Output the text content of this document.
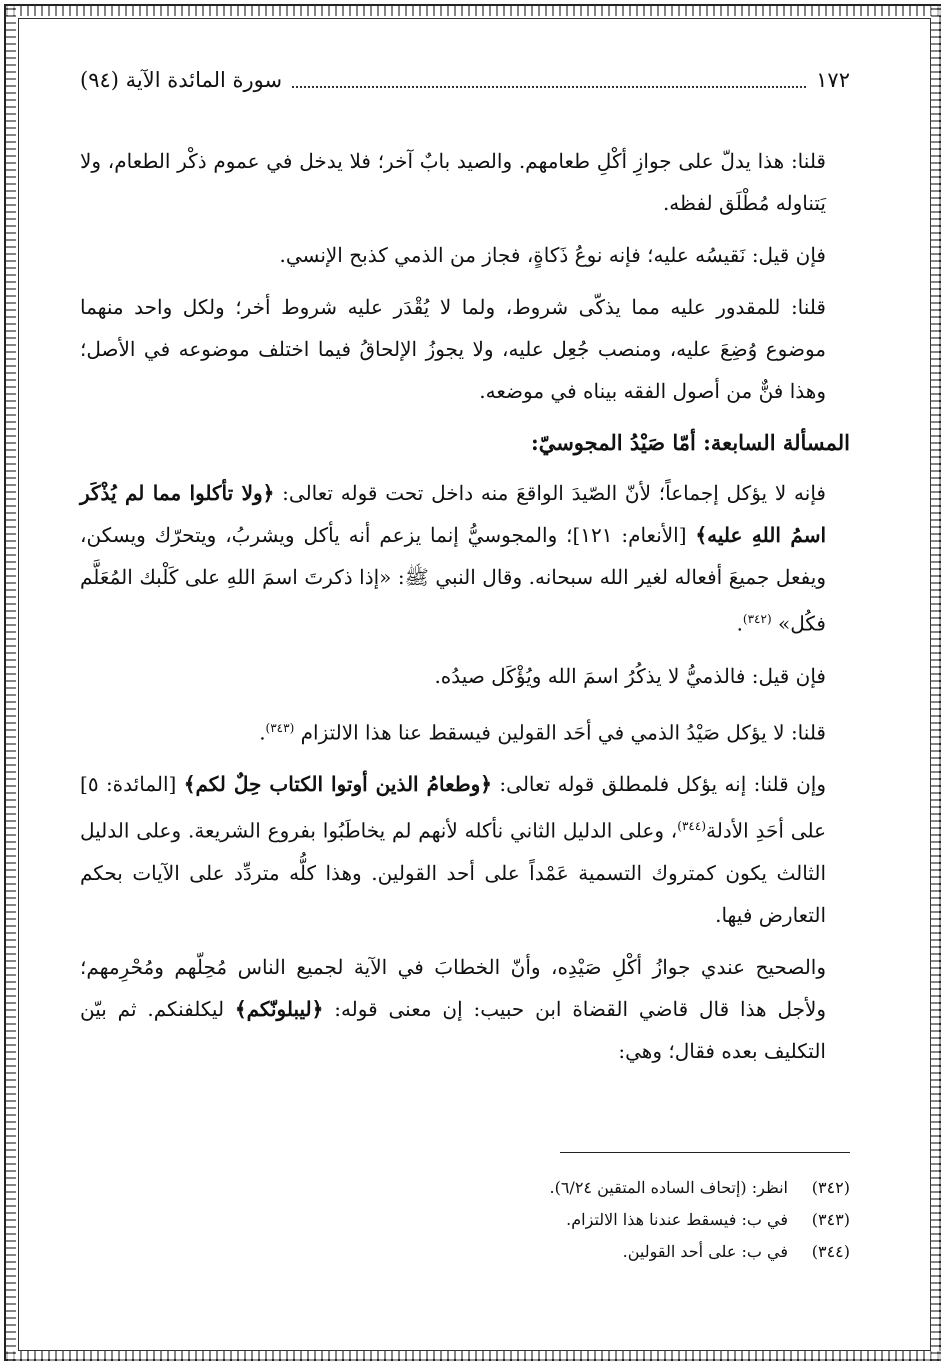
١٧٢
سورة المائدة الآية (٩٤)

قلنا: هذا يدلّ على جوازِ أكْلِ طعامهم. والصيد بابٌ آخر؛ فلا يدخل في عموم ذكْر الطعام، ولا يَتناوله مُطْلَق لفظه.

فإن قيل: نَقيسُه عليه؛ فإنه نوعُ ذَكاةٍ، فجاز من الذمي كذبح الإنسي.

قلنا: للمقدور عليه مما يذكّى شروط، ولما لا يُقْدَر عليه شروط أخر؛ ولكل واحد منهما موضوع وُضِعَ عليه، ومنصب جُعِل عليه، ولا يجوزُ الإلحاقُ فيما اختلف موضوعه في الأصل؛ وهذا فنٌّ من أصول الفقه بيناه في موضعه.

المسألة السابعة: أمّا صَيْدُ المجوسيّ:

فإنه لا يؤكل إجماعاً؛ لأنّ الصّيدَ الواقعَ منه داخل تحت قوله تعالى: ﴿ولا تأكلوا مما لم يُذْكَر اسمُ اللهِ عليه﴾ [الأنعام: ١٢١]؛ والمجوسيُّ إنما يزعم أنه يأكل ويشربُ، ويتحرّك ويسكن، ويفعل جميعَ أفعاله لغير الله سبحانه. وقال النبي ﷺ: «إذا ذكرتَ اسمَ اللهِ على كَلْبك المُعَلَّم فكُل» $^{(٣٤٢)}$.

فإن قيل: فالذميُّ لا يذكُرُ اسمَ الله ويُؤْكَل صيدُه.

قلنا: لا يؤكل صَيْدُ الذمي في أحَد القولين فيسقط عنا هذا الالتزام $^{(٣٤٣)}$.

وإن قلنا: إنه يؤكل فلمطلق قوله تعالى: ﴿وطعامُ الذين أوتوا الكتاب حِلٌ لكم﴾ [المائدة: ٥] على أحَدِ الأدلة$^{(٣٤٤)}$، وعلى الدليل الثاني نأكله لأنهم لم يخاطَبُوا بفروع الشريعة. وعلى الدليل الثالث يكون كمتروك التسمية عَمْداً على أحد القولين. وهذا كلُّه متردِّد على الآيات بحكم التعارض فيها.

والصحيح عندي جوازُ أكْلِ صَيْدِه، وأنّ الخطابَ في الآية لجميع الناس مُحِلّهم ومُحْرِمهم؛ ولأجل هذا قال قاضي القضاة ابن حبيب: إن معنى قوله: ﴿ليبلونّكم﴾ ليكلفنكم. ثم بيّن التكليف بعده فقال؛ وهي:

(٣٤٢)
انظر: (إتحاف الساده المتقين ٦/٢٤).
(٣٤٣)
في ب: فيسقط عندنا هذا الالتزام.
(٣٤٤)
في ب: على أحد القولين.
